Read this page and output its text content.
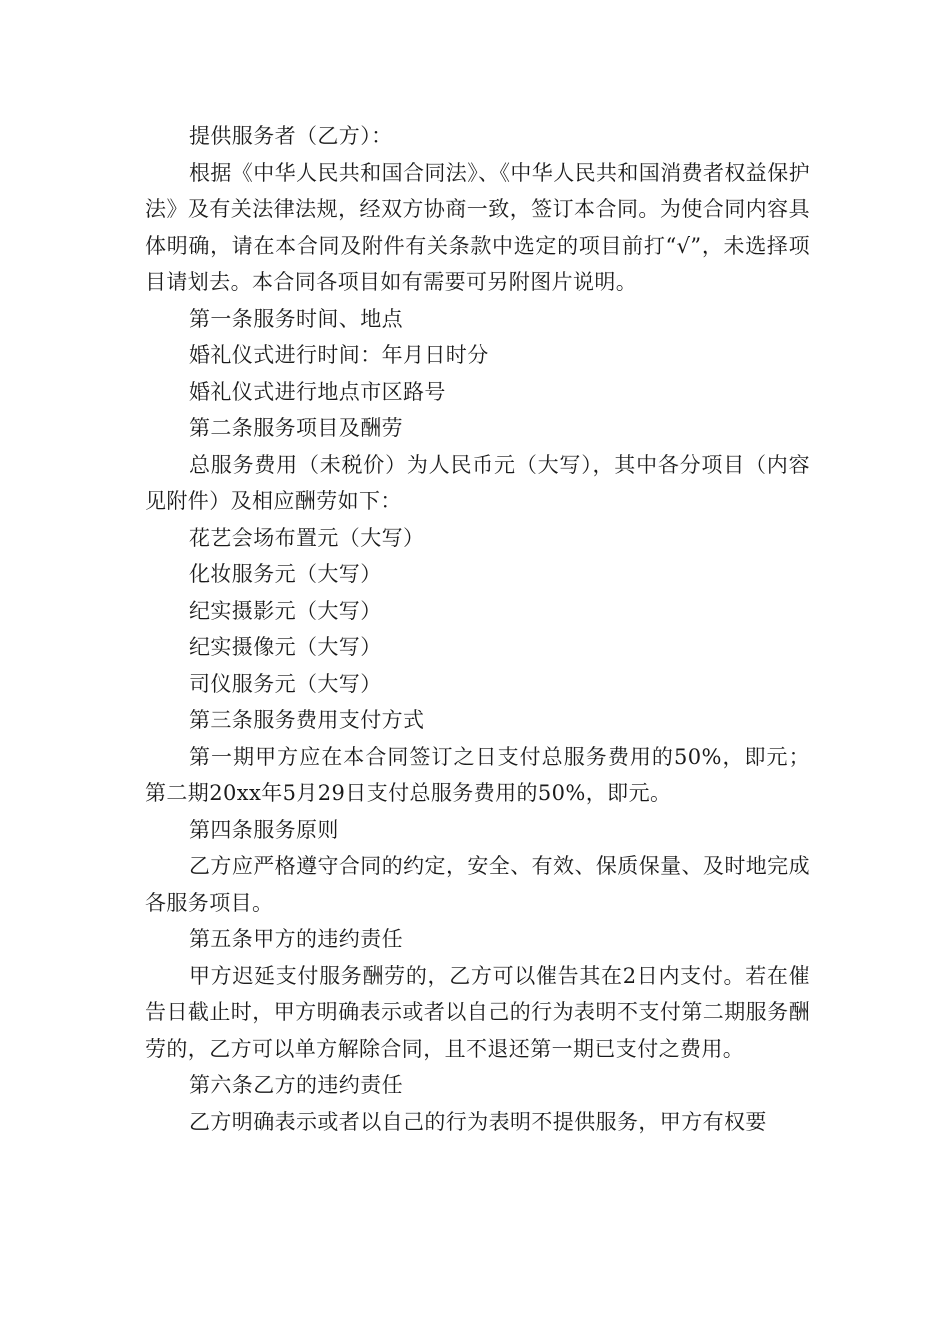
提供服务者（乙方）：

根据《中华人民共和国合同法》、《中华人民共和国消费者权益保护法》及有关法律法规，经双方协商一致，签订本合同。为使合同内容具体明确，请在本合同及附件有关条款中选定的项目前打“√”，未选择项目请划去。本合同各项目如有需要可另附图片说明。

第一条服务时间、地点

婚礼仪式进行时间：年月日时分

婚礼仪式进行地点市区路号

第二条服务项目及酬劳

总服务费用（未税价）为人民币元（大写），其中各分项目（内容见附件）及相应酬劳如下：

花艺会场布置元（大写）

化妆服务元（大写）

纪实摄影元（大写）

纪实摄像元（大写）

司仪服务元（大写）

第三条服务费用支付方式

第一期甲方应在本合同签订之日支付总服务费用的50%，即元；第二期20xx年5月29日支付总服务费用的50%，即元。

第四条服务原则

乙方应严格遵守合同的约定，安全、有效、保质保量、及时地完成各服务项目。

第五条甲方的违约责任

甲方迟延支付服务酬劳的，乙方可以催告其在2日内支付。若在催告日截止时，甲方明确表示或者以自己的行为表明不支付第二期服务酬劳的，乙方可以单方解除合同，且不退还第一期已支付之费用。

第六条乙方的违约责任

乙方明确表示或者以自己的行为表明不提供服务，甲方有权要
